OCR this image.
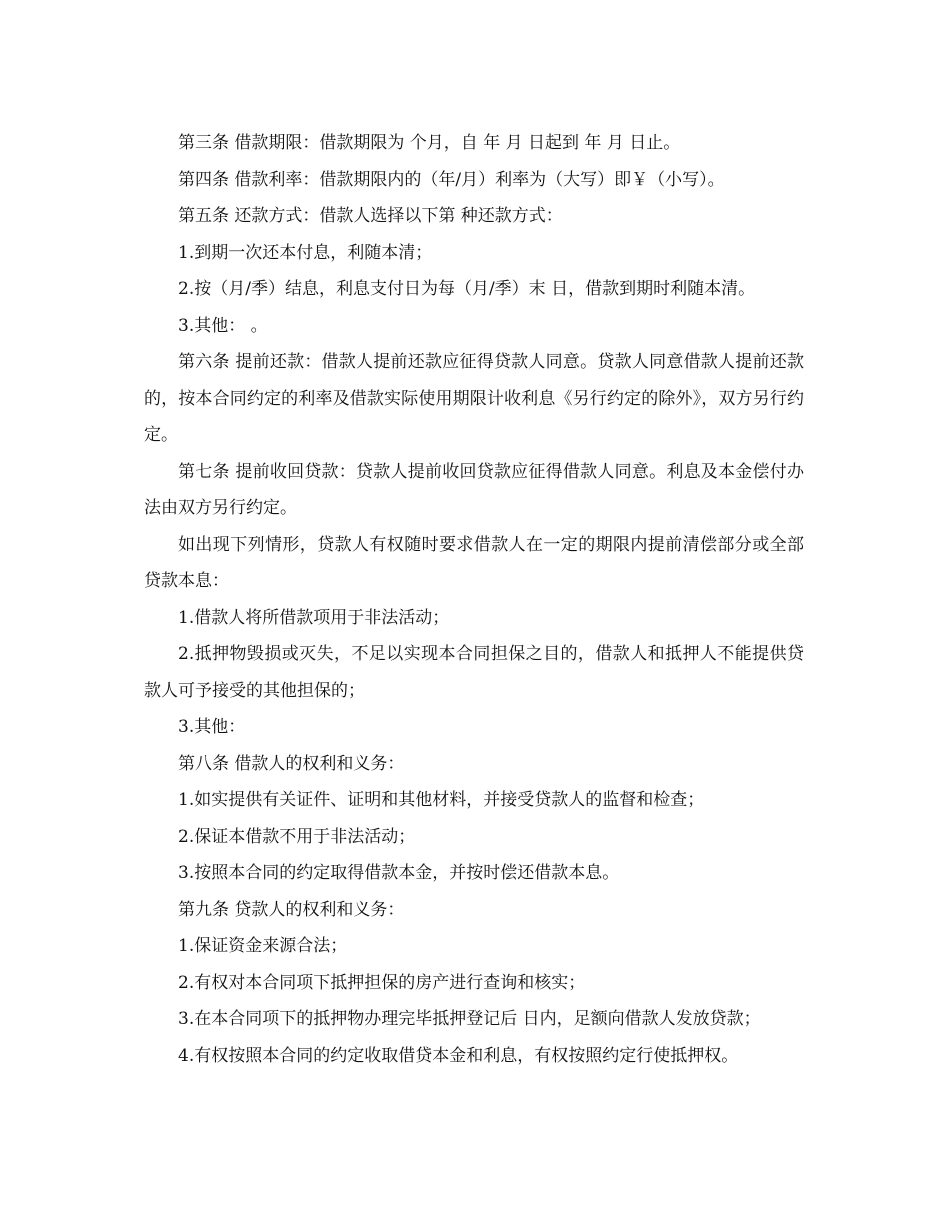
第三条 借款期限：借款期限为 个月，自 年 月 日起到 年 月 日止。

第四条 借款利率：借款期限内的（年/月）利率为（大写）即￥（小写）。

第五条 还款方式：借款人选择以下第 种还款方式：

1.到期一次还本付息，利随本清；

2.按（月/季）结息，利息支付日为每（月/季）末 日，借款到期时利随本清。

3.其他： 。

第六条 提前还款：借款人提前还款应征得贷款人同意。贷款人同意借款人提前还款的，按本合同约定的利率及借款实际使用期限计收利息《另行约定的除外》，双方另行约定。

第七条 提前收回贷款：贷款人提前收回贷款应征得借款人同意。利息及本金偿付办法由双方另行约定。

如出现下列情形，贷款人有权随时要求借款人在一定的期限内提前清偿部分或全部贷款本息：

1.借款人将所借款项用于非法活动；

2.抵押物毁损或灭失，不足以实现本合同担保之目的，借款人和抵押人不能提供贷款人可予接受的其他担保的；

3.其他：

第八条 借款人的权利和义务：

1.如实提供有关证件、证明和其他材料，并接受贷款人的监督和检查；

2.保证本借款不用于非法活动；

3.按照本合同的约定取得借款本金，并按时偿还借款本息。

第九条 贷款人的权利和义务：

1.保证资金来源合法；

2.有权对本合同项下抵押担保的房产进行查询和核实；

3.在本合同项下的抵押物办理完毕抵押登记后 日内，足额向借款人发放贷款；

4.有权按照本合同的约定收取借贷本金和利息，有权按照约定行使抵押权。
